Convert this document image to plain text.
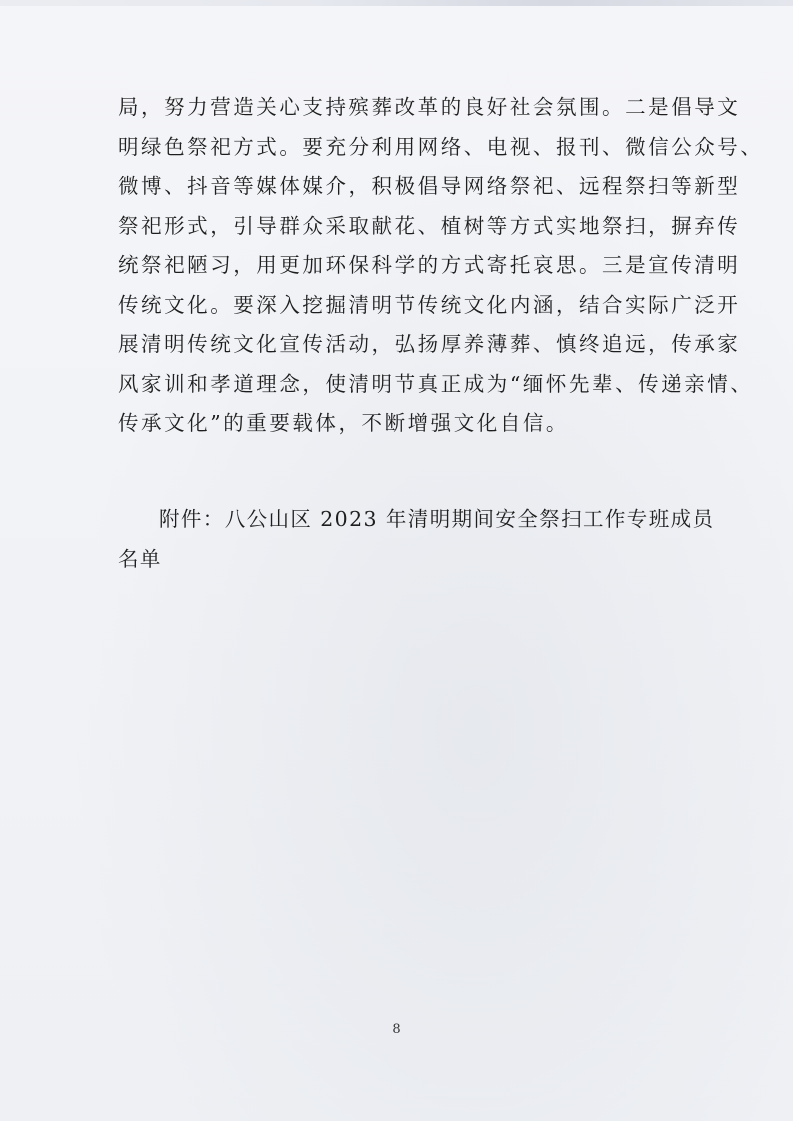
局，努力营造关心支持殡葬改革的良好社会氛围。二是倡导文
明绿色祭祀方式。要充分利用网络、电视、报刊、微信公众号、
微博、抖音等媒体媒介，积极倡导网络祭祀、远程祭扫等新型
祭祀形式，引导群众采取献花、植树等方式实地祭扫，摒弃传
统祭祀陋习，用更加环保科学的方式寄托哀思。三是宣传清明
传统文化。要深入挖掘清明节传统文化内涵，结合实际广泛开
展清明传统文化宣传活动，弘扬厚养薄葬、慎终追远，传承家
风家训和孝道理念，使清明节真正成为“缅怀先辈、传递亲情、
传承文化”的重要载体，不断增强文化自信。
附件：八公山区 2023 年清明期间安全祭扫工作专班成员
名单
8
